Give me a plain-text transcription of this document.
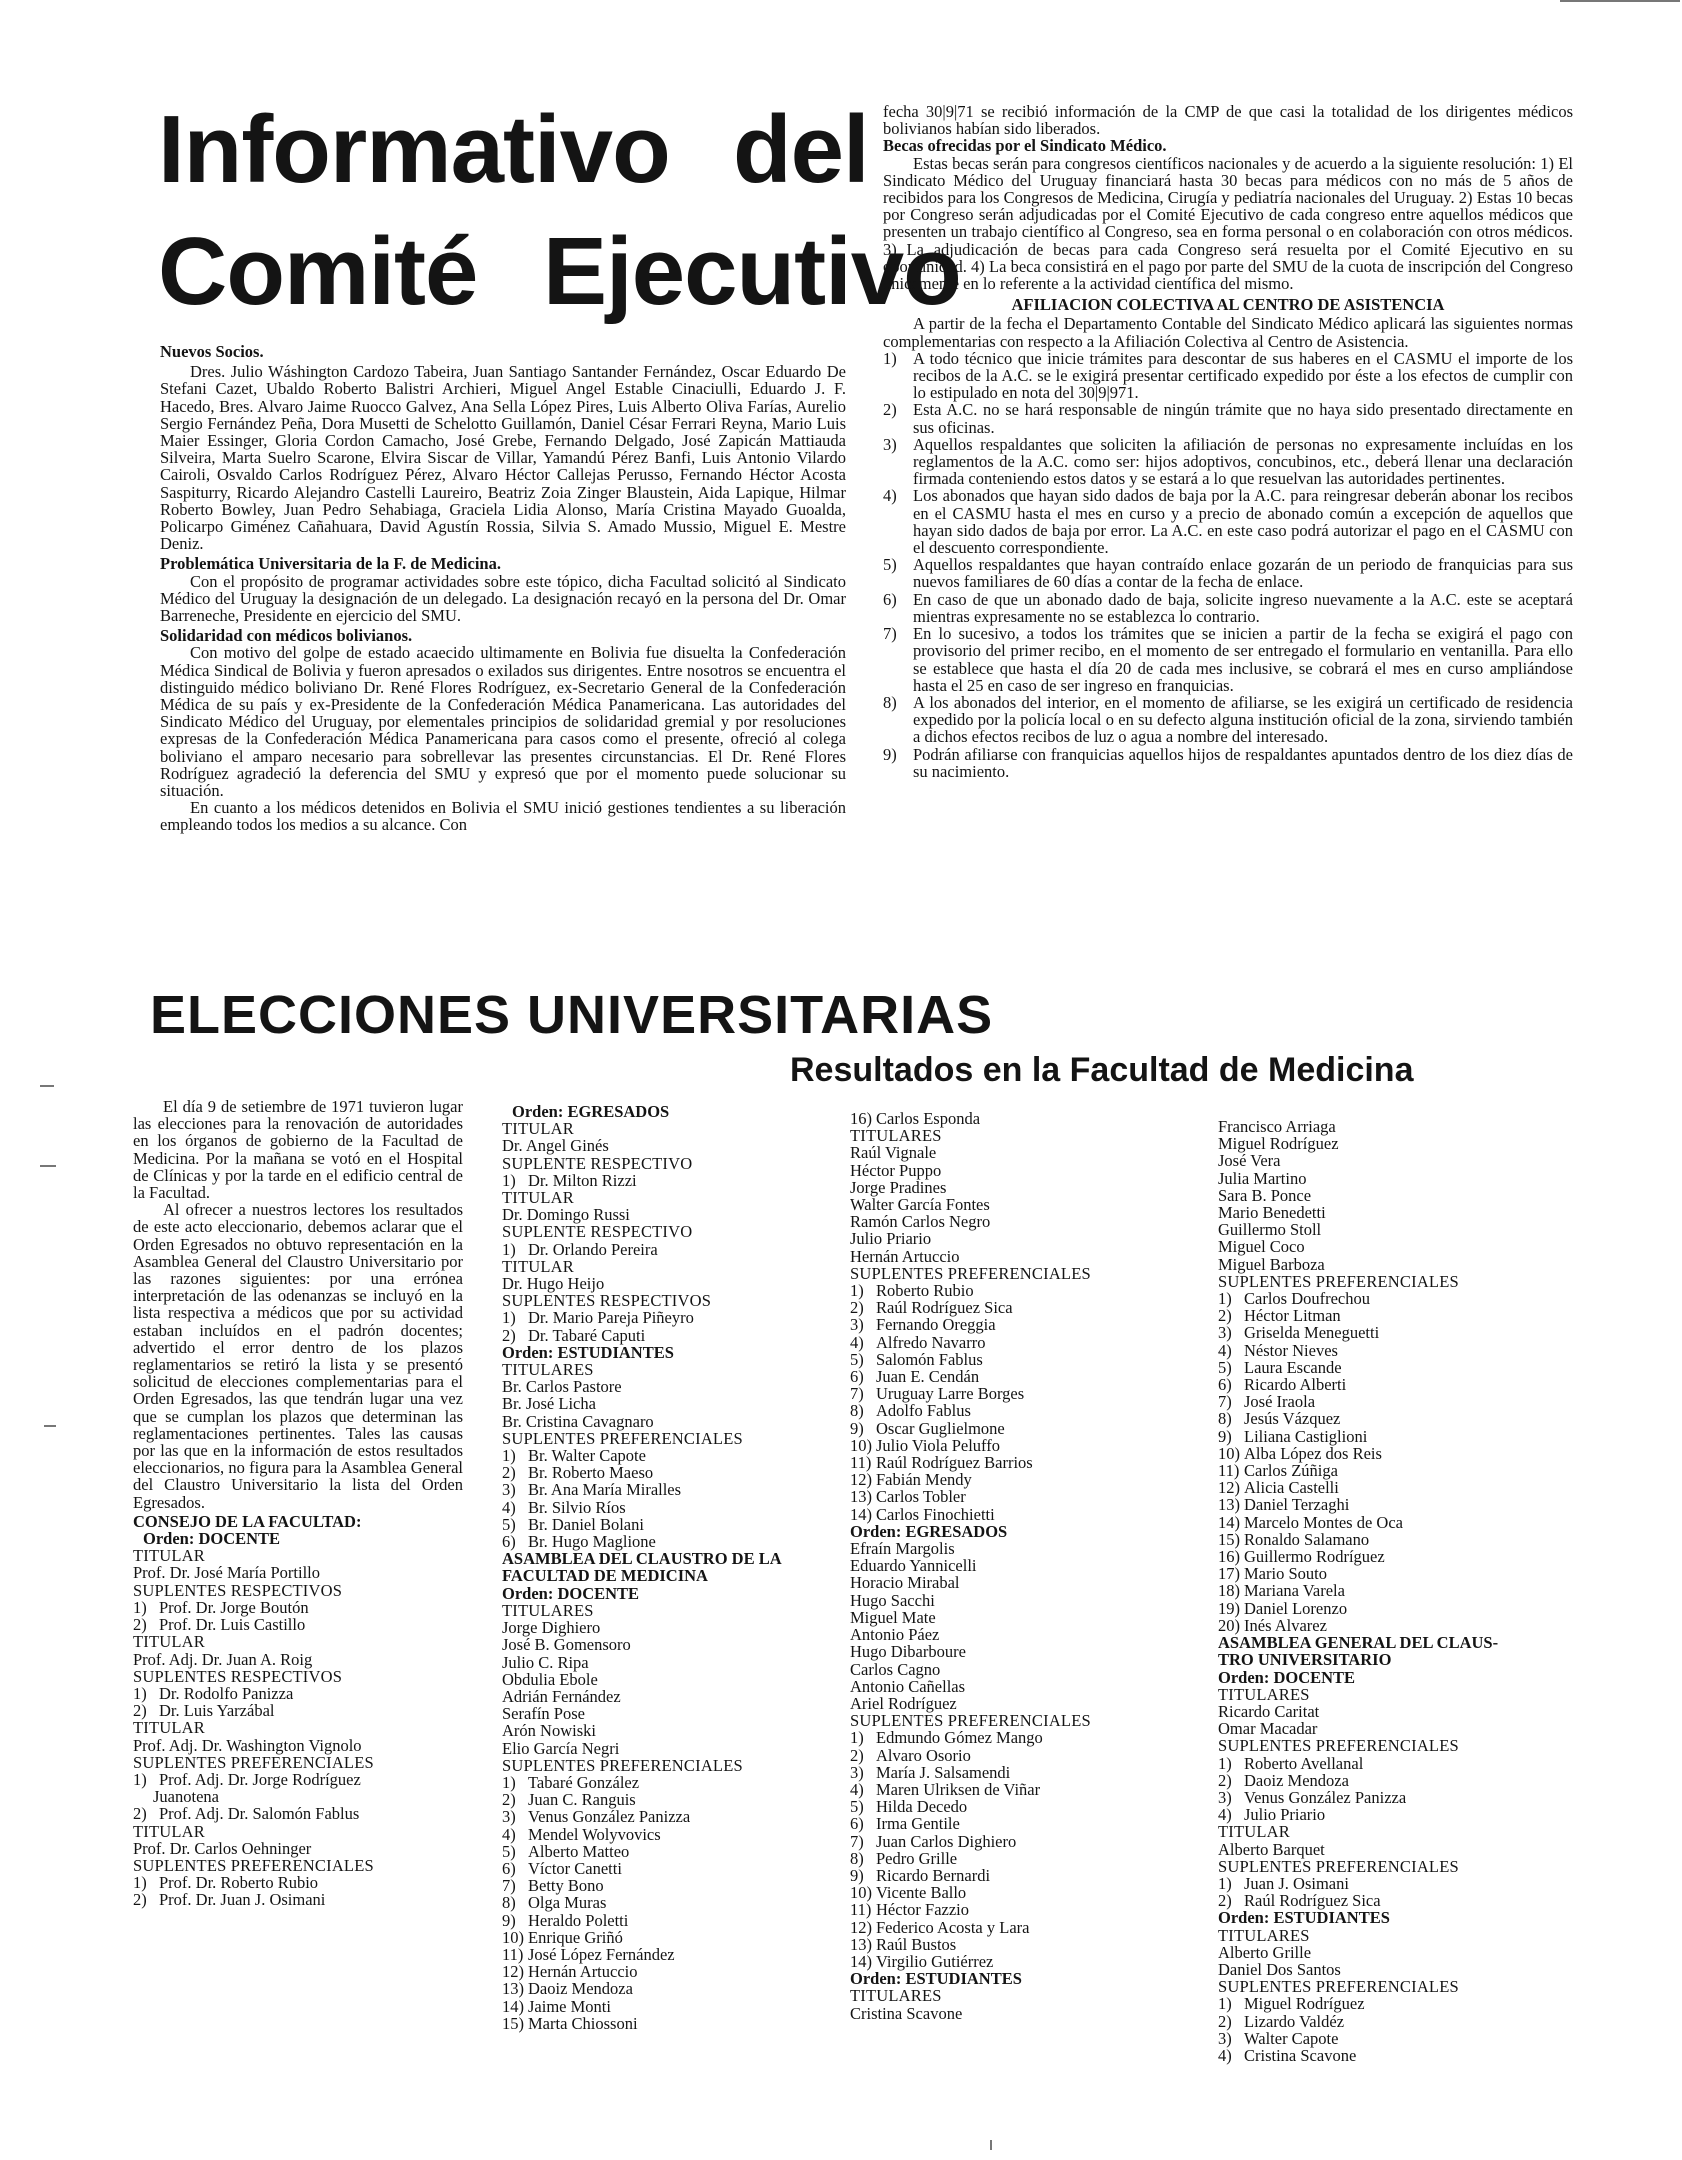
Informativo del
Comité Ejecutivo

Nuevos Socios.

Dres. Julio Wáshington Cardozo Tabeira, Juan Santiago Santander Fernández, Oscar Eduardo De Stefani Cazet, Ubaldo Roberto Balistri Archieri, Miguel Angel Estable Cinaciulli, Eduardo J. F. Hacedo, Bres. Alvaro Jaime Ruocco Galvez, Ana Sella López Pires, Luis Alberto Oliva Farías, Aurelio Sergio Fernández Peña, Dora Musetti de Schelotto Guillamón, Daniel César Ferrari Reyna, Mario Luis Maier Essinger, Gloria Cordon Camacho, José Grebe, Fernando Delgado, José Zapicán Mattiauda Silveira, Marta Suelro Scarone, Elvira Siscar de Villar, Yamandú Pérez Banfi, Luis Antonio Vilardo Cairoli, Osvaldo Carlos Rodríguez Pérez, Alvaro Héctor Callejas Perusso, Fernando Héctor Acosta Saspiturry, Ricardo Alejandro Castelli Laureiro, Beatriz Zoia Zinger Blaustein, Aida Lapique, Hilmar Roberto Bowley, Juan Pedro Sehabiaga, Graciela Lidia Alonso, María Cristina Mayado Guoalda, Policarpo Giménez Cañahuara, David Agustín Rossia, Silvia S. Amado Mussio, Miguel E. Mestre Deniz.

Problemática Universitaria de la F. de Medicina.

Con el propósito de programar actividades sobre este tópico, dicha Facultad solicitó al Sindicato Médico del Uruguay la designación de un delegado. La designación recayó en la persona del Dr. Omar Barreneche, Presidente en ejercicio del SMU.

Solidaridad con médicos bolivianos.

Con motivo del golpe de estado acaecido ultimamente en Bolivia fue disuelta la Confederación Médica Sindical de Bolivia y fueron apresados o exilados sus dirigentes. Entre nosotros se encuentra el distinguido médico boliviano Dr. René Flores Rodríguez, ex-Secretario General de la Confederación Médica de su país y ex-Presidente de la Confederación Médica Panamericana. Las autoridades del Sindicato Médico del Uruguay, por elementales principios de solidaridad gremial y por resoluciones expresas de la Confederación Médica Panamericana para casos como el presente, ofreció al colega boliviano el amparo necesario para sobrellevar las presentes circunstancias. El Dr. René Flores Rodríguez agradeció la deferencia del SMU y expresó que por el momento puede solucionar su situación.

En cuanto a los médicos detenidos en Bolivia el SMU inició gestiones tendientes a su liberación empleando todos los medios a su alcance. Con

fecha 30|9|71 se recibió información de la CMP de que casi la totalidad de los dirigentes médicos bolivianos habían sido liberados.

Becas ofrecidas por el Sindicato Médico.

Estas becas serán para congresos científicos nacionales y de acuerdo a la siguiente resolución: 1) El Sindicato Médico del Uruguay financiará hasta 30 becas para médicos con no más de 5 años de recibidos para los Congresos de Medicina, Cirugía y pediatría nacionales del Uruguay. 2) Estas 10 becas por Congreso serán adjudicadas por el Comité Ejecutivo de cada congreso entre aquellos médicos que presenten un trabajo científico al Congreso, sea en forma personal o en colaboración con otros médicos. 3) La adjudicación de becas para cada Congreso será resuelta por el Comité Ejecutivo en su oportunidad. 4) La beca consistirá en el pago por parte del SMU de la cuota de inscripción del Congreso únicamente en lo referente a la actividad científica del mismo.

AFILIACION COLECTIVA AL CENTRO DE ASISTENCIA

A partir de la fecha el Departamento Contable del Sindicato Médico aplicará las siguientes normas complementarias con respecto a la Afiliación Colectiva al Centro de Asistencia.

1) A todo técnico que inicie trámites para descontar de sus haberes en el CASMU el importe de los recibos de la A.C. se le exigirá presentar certificado expedido por éste a los efectos de cumplir con lo estipulado en nota del 30|9|971.
2) Esta A.C. no se hará responsable de ningún trámite que no haya sido presentado directamente en sus oficinas.
3) Aquellos respaldantes que soliciten la afiliación de personas no expresamente incluídas en los reglamentos de la A.C. como ser: hijos adoptivos, concubinos, etc., deberá llenar una declaración firmada conteniendo estos datos y se estará a lo que resuelvan las autoridades pertinentes.
4) Los abonados que hayan sido dados de baja por la A.C. para reingresar deberán abonar los recibos en el CASMU hasta el mes en curso y a precio de abonado común a excepción de aquellos que hayan sido dados de baja por error. La A.C. en este caso podrá autorizar el pago en el CASMU con el descuento correspondiente.
5) Aquellos respaldantes que hayan contraído enlace gozarán de un periodo de franquicias para sus nuevos familiares de 60 días a contar de la fecha de enlace.
6) En caso de que un abonado dado de baja, solicite ingreso nuevamente a la A.C. este se aceptará mientras expresamente no se establezca lo contrario.
7) En lo sucesivo, a todos los trámites que se inicien a partir de la fecha se exigirá el pago con provisorio del primer recibo, en el momento de ser entregado el formulario en ventanilla. Para ello se establece que hasta el día 20 de cada mes inclusive, se cobrará el mes en curso ampliándose hasta el 25 en caso de ser ingreso en franquicias.
8) A los abonados del interior, en el momento de afiliarse, se les exigirá un certificado de residencia expedido por la policía local o en su defecto alguna institución oficial de la zona, sirviendo también a dichos efectos recibos de luz o agua a nombre del interesado.
9) Podrán afiliarse con franquicias aquellos hijos de respaldantes apuntados dentro de los diez días de su nacimiento.
ELECCIONES UNIVERSITARIAS
Resultados en la Facultad de Medicina

El día 9 de setiembre de 1971 tuvieron lugar las elecciones para la renovación de autoridades en los órganos de gobierno de la Facultad de Medicina. Por la mañana se votó en el Hospital de Clínicas y por la tarde en el edificio central de la Facultad.

Al ofrecer a nuestros lectores los resultados de este acto eleccionario, debemos aclarar que el Orden Egresados no obtuvo representación en la Asamblea General del Claustro Universitario por las razones siguientes: por una errónea interpretación de las odenanzas se incluyó en la lista respectiva a médicos que por su actividad estaban incluídos en el padrón docentes; advertido el error dentro de los plazos reglamentarios se retiró la lista y se presentó solicitud de elecciones complementarias para el Orden Egresados, las que tendrán lugar una vez que se cumplan los plazos que determinan las reglamentaciones pertinentes. Tales las causas por las que en la información de estos resultados eleccionarios, no figura para la Asamblea General del Claustro Universitario la lista del Orden Egresados.

CONSEJO DE LA FACULTAD:
Orden: DOCENTE
TITULAR
Prof. Dr. José María Portillo
SUPLENTES RESPECTIVOS
1) Prof. Dr. Jorge Boutón
2) Prof. Dr. Luis Castillo
TITULAR
Prof. Adj. Dr. Juan A. Roig
SUPLENTES RESPECTIVOS
1) Dr. Rodolfo Panizza
2) Dr. Luis Yarzábal
TITULAR
Prof. Adj. Dr. Washington Vignolo
SUPLENTES PREFERENCIALES
1) Prof. Adj. Dr. Jorge Rodríguez
Juanotena
2) Prof. Adj. Dr. Salomón Fablus
TITULAR
Prof. Dr. Carlos Oehninger
SUPLENTES PREFERENCIALES
1) Prof. Dr. Roberto Rubio
2) Prof. Dr. Juan J. Osimani
Orden: EGRESADOS
TITULAR
Dr. Angel Ginés
SUPLENTE RESPECTIVO
1) Dr. Milton Rizzi
TITULAR
Dr. Domingo Russi
SUPLENTE RESPECTIVO
1) Dr. Orlando Pereira
TITULAR
Dr. Hugo Heijo
SUPLENTES RESPECTIVOS
1) Dr. Mario Pareja Piñeyro
2) Dr. Tabaré Caputi
Orden: ESTUDIANTES
TITULARES
Br. Carlos Pastore
Br. José Licha
Br. Cristina Cavagnaro
SUPLENTES PREFERENCIALES
1) Br. Walter Capote
2) Br. Roberto Maeso
3) Br. Ana María Miralles
4) Br. Silvio Ríos
5) Br. Daniel Bolani
6) Br. Hugo Maglione
ASAMBLEA DEL CLAUSTRO DE LA
FACULTAD DE MEDICINA
Orden: DOCENTE
TITULARES
Jorge Dighiero
José B. Gomensoro
Julio C. Ripa
Obdulia Ebole
Adrián Fernández
Serafín Pose
Arón Nowiski
Elio García Negri
SUPLENTES PREFERENCIALES
1) Tabaré González
2) Juan C. Ranguis
3) Venus González Panizza
4) Mendel Wolyvovics
5) Alberto Matteo
6) Víctor Canetti
7) Betty Bono
8) Olga Muras
9) Heraldo Poletti
10) Enrique Griñó
11) José López Fernández
12) Hernán Artuccio
13) Daoiz Mendoza
14) Jaime Monti
15) Marta Chiossoni
16) Carlos Esponda
TITULARES
Raúl Vignale
Héctor Puppo
Jorge Pradines
Walter García Fontes
Ramón Carlos Negro
Julio Priario
Hernán Artuccio
SUPLENTES PREFERENCIALES
1) Roberto Rubio
2) Raúl Rodríguez Sica
3) Fernando Oreggia
4) Alfredo Navarro
5) Salomón Fablus
6) Juan E. Cendán
7) Uruguay Larre Borges
8) Adolfo Fablus
9) Oscar Guglielmone
10) Julio Viola Peluffo
11) Raúl Rodríguez Barrios
12) Fabián Mendy
13) Carlos Tobler
14) Carlos Finochietti
Orden: EGRESADOS
Efraín Margolis
Eduardo Yannicelli
Horacio Mirabal
Hugo Sacchi
Miguel Mate
Antonio Páez
Hugo Dibarboure
Carlos Cagno
Antonio Cañellas
Ariel Rodríguez
SUPLENTES PREFERENCIALES
1) Edmundo Gómez Mango
2) Alvaro Osorio
3) María J. Salsamendi
4) Maren Ulriksen de Viñar
5) Hilda Decedo
6) Irma Gentile
7) Juan Carlos Dighiero
8) Pedro Grille
9) Ricardo Bernardi
10) Vicente Ballo
11) Héctor Fazzio
12) Federico Acosta y Lara
13) Raúl Bustos
14) Virgilio Gutiérrez
Orden: ESTUDIANTES
TITULARES
Cristina Scavone
Francisco Arriaga
Miguel Rodríguez
José Vera
Julia Martino
Sara B. Ponce
Mario Benedetti
Guillermo Stoll
Miguel Coco
Miguel Barboza
SUPLENTES PREFERENCIALES
1) Carlos Doufrechou
2) Héctor Litman
3) Griselda Meneguetti
4) Néstor Nieves
5) Laura Escande
6) Ricardo Alberti
7) José Iraola
8) Jesús Vázquez
9) Liliana Castiglioni
10) Alba López dos Reis
11) Carlos Zúñiga
12) Alicia Castelli
13) Daniel Terzaghi
14) Marcelo Montes de Oca
15) Ronaldo Salamano
16) Guillermo Rodríguez
17) Mario Souto
18) Mariana Varela
19) Daniel Lorenzo
20) Inés Alvarez
ASAMBLEA GENERAL DEL CLAUS-
TRO UNIVERSITARIO
Orden: DOCENTE
TITULARES
Ricardo Caritat
Omar Macadar
SUPLENTES PREFERENCIALES
1) Roberto Avellanal
2) Daoiz Mendoza
3) Venus González Panizza
4) Julio Priario
TITULAR
Alberto Barquet
SUPLENTES PREFERENCIALES
1) Juan J. Osimani
2) Raúl Rodríguez Sica
Orden: ESTUDIANTES
TITULARES
Alberto Grille
Daniel Dos Santos
SUPLENTES PREFERENCIALES
1) Miguel Rodríguez
2) Lizardo Valdéz
3) Walter Capote
4) Cristina Scavone
